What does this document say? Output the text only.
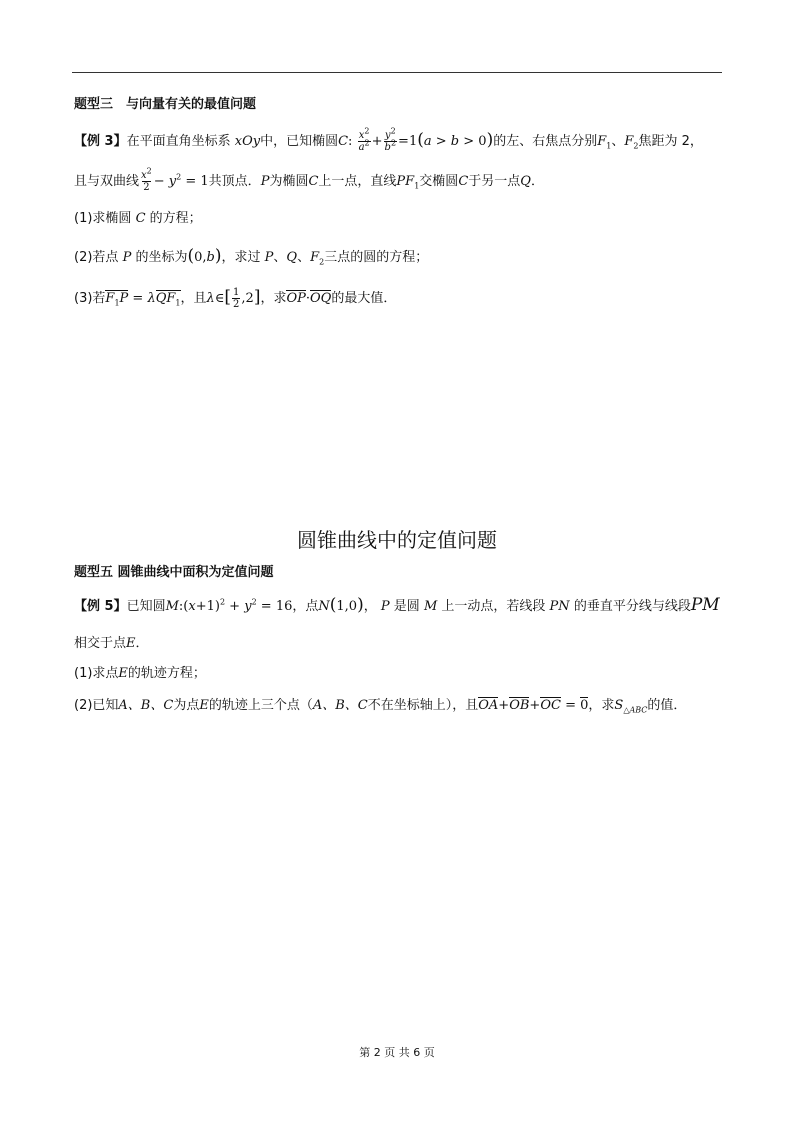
题型三　与向量有关的最值问题
【例 3】在平面直角坐标系 xOy中，已知椭圆C: $\frac{x^2}{a^2} + \frac{y^2}{b^2} =1(a > b > 0)$的左、右焦点分别$F_1$、$F_2$焦距为 2，
且与双曲线 $\frac{x^2}{2} - y^2 = 1$共顶点．P为椭圆C上一点，直线$PF_1$交椭圆C于另一点Q．
(1)求椭圆 C 的方程；
(2)若点 P 的坐标为(0,b)，求过 P、Q、$F_2$三点的圆的方程；
(3)若$F_1P = \lambda QF_1$，且λ∈[ $\frac{1}{2} ,2$]，求OP·OQ的最大值．
圆锥曲线中的定值问题
题型五 圆锥曲线中面积为定值问题
【例 5】已知圆$M:(x+1)^2 + y^2 = 16$，点N(1,0)， P 是圆 M 上一动点，若线段 PN 的垂直平分线与线段PM
相交于点E．
(1)求点E的轨迹方程；
(2)已知A、B、C为点E的轨迹上三个点（A、B、C不在坐标轴上），且OA+OB+OC = 0，求$S_{\triangle ABC}$的值．
第 2 页 共 6 页
